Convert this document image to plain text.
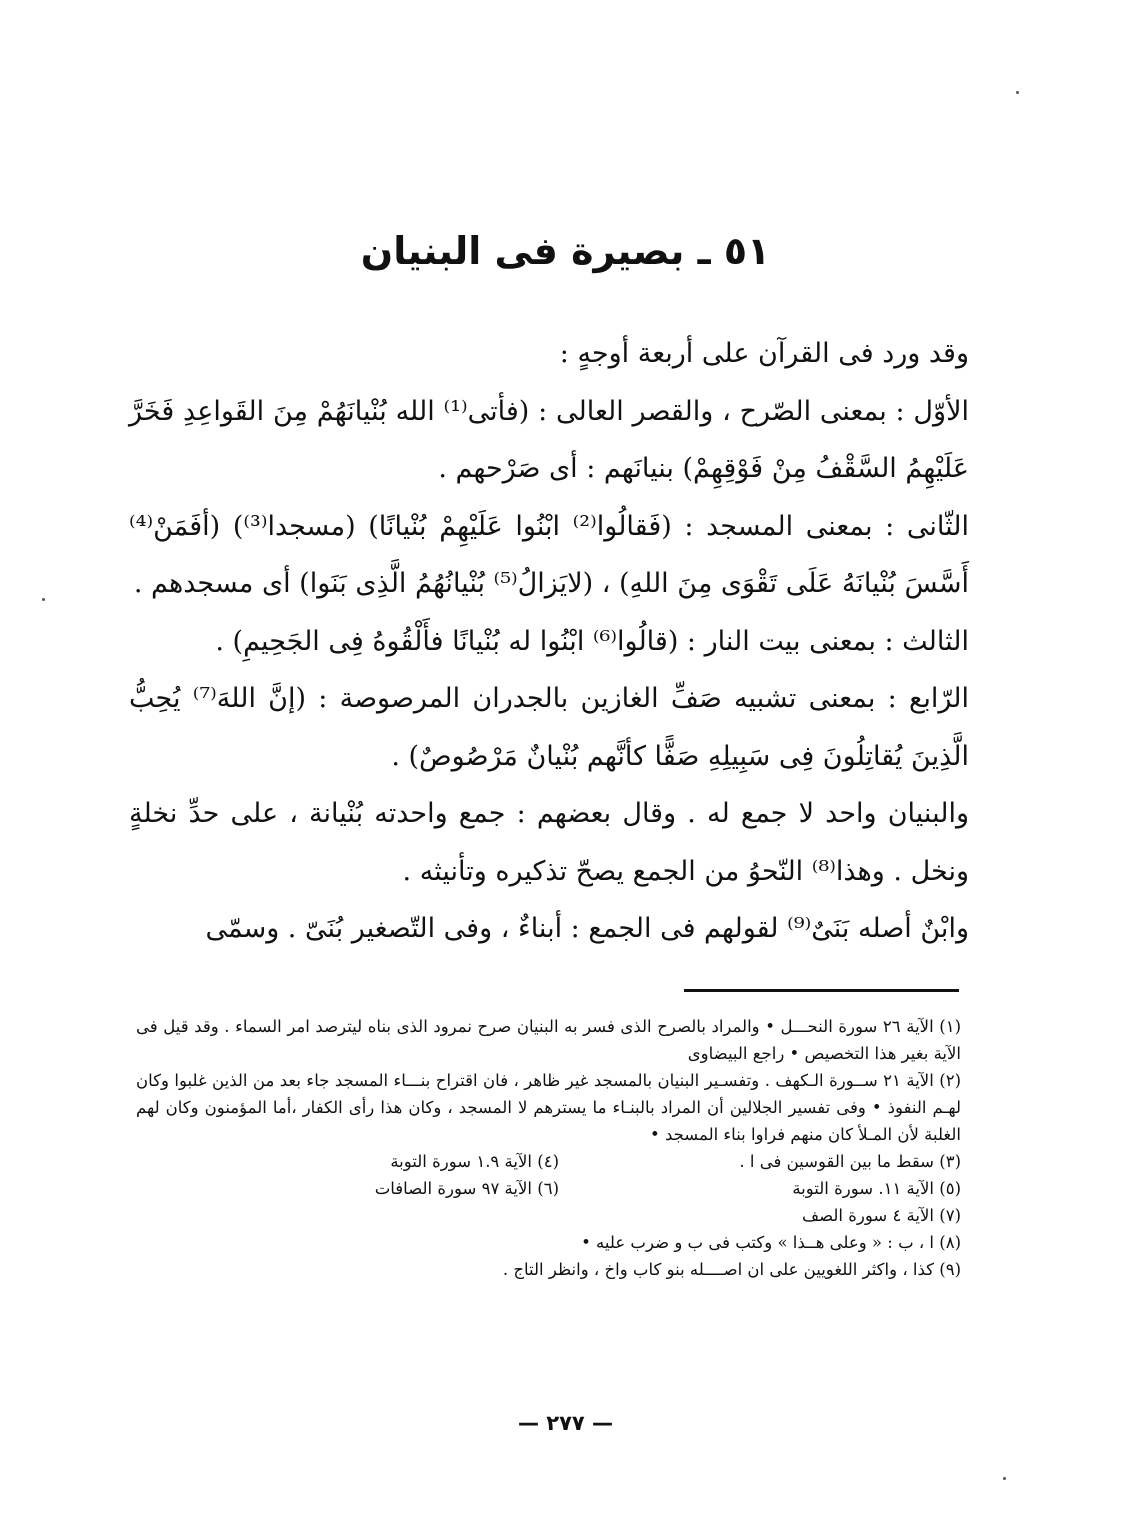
٥١ ـ بصيرة فى البنيان

وقد ورد فى القرآن على أربعة أوجهٍ :

الأوّل : بمعنى الصّرح ، والقصر العالى : (فأتى⁽¹⁾ الله بُنْيانَهُمْ مِنَ القَواعِدِ فَخَرَّ عَلَيْهِمُ السَّقْفُ مِنْ فَوْقِهِمْ) بنيانَهم : أى صَرْحهم .

الثّانى : بمعنى المسجد : (فَقالُوا⁽²⁾ ابْنُوا عَلَيْهِمْ بُنْيانًا) (مسجدا⁽³⁾) (أفَمَنْ⁽⁴⁾ أَسَّسَ بُنْيانَهُ عَلَى تَقْوَى مِنَ اللهِ) ، (لايَزالُ⁽⁵⁾ بُنْيانُهُمُ الَّذِى بَنَوا) أى مسجدهم .

الثالث : بمعنى بيت النار : (قالُوا⁽⁶⁾ ابْنُوا له بُنْيانًا فأَلْقُوهُ فِى الجَحِيمِ) .

الرّابع : بمعنى تشبيه صَفِّ الغازين بالجدران المرصوصة : (إنَّ اللهَ⁽⁷⁾ يُحِبُّ الَّذِينَ يُقاتِلُونَ فِى سَبِيلِهِ صَفًّا كأنَّهم بُنْيانٌ مَرْصُوصٌ) .

والبنيان واحد لا جمع له . وقال بعضهم : جمع واحدته بُنْيانة ، على حدِّ نخلةٍ ونخل . وهذا⁽⁸⁾ النّحوُ من الجمع يصحّ تذكيره وتأنيثه .

وابْنٌ أصله بَنَىٌ⁽⁹⁾ لقولهم فى الجمع : أبناءٌ ، وفى التّصغير بُنَىّ . وسمّى

(١) الآية ٢٦ سورة النحـــل • والمراد بالصرح الذى فسر به البنيان صرح نمرود الذى بناه ليترصد امر السماء . وقد قيل فى الآية بغير هذا التخصيص • راجع البيضاوى

(٢) الآية ٢١ ســورة الـكهف . وتفسـير البنيان بالمسجد غير ظاهر ، فان اقتراح بنـــاء المسجد جاء بعد من الذين غلبوا وكان لهـم النفوذ • وفى تفسير الجلالين أن المراد بالبنـاء ما يسترهم لا المسجد ، وكان هذا رأى الكفار ،أما المؤمنون وكان لهم الغلبة لأن المـلأ كان منهم فراوا بناء المسجد •

(٣) سقط ما بين القوسين فى ا .
(٤) الآية ١.٩ سورة التوبة
(٥) الآية ١١. سورة التوبة
(٦) الآية ٩٧ سورة الصافات
(٧) الآية ٤ سورة الصف

(٨) ا ، ب : « وعلى هــذا » وكتب فى ب و ضرب عليه •

(٩) كذا ، واكثر اللغويين على ان اصــــله بنو كاب واخ ، وانظر التاج .

— ٢٧٧ —
